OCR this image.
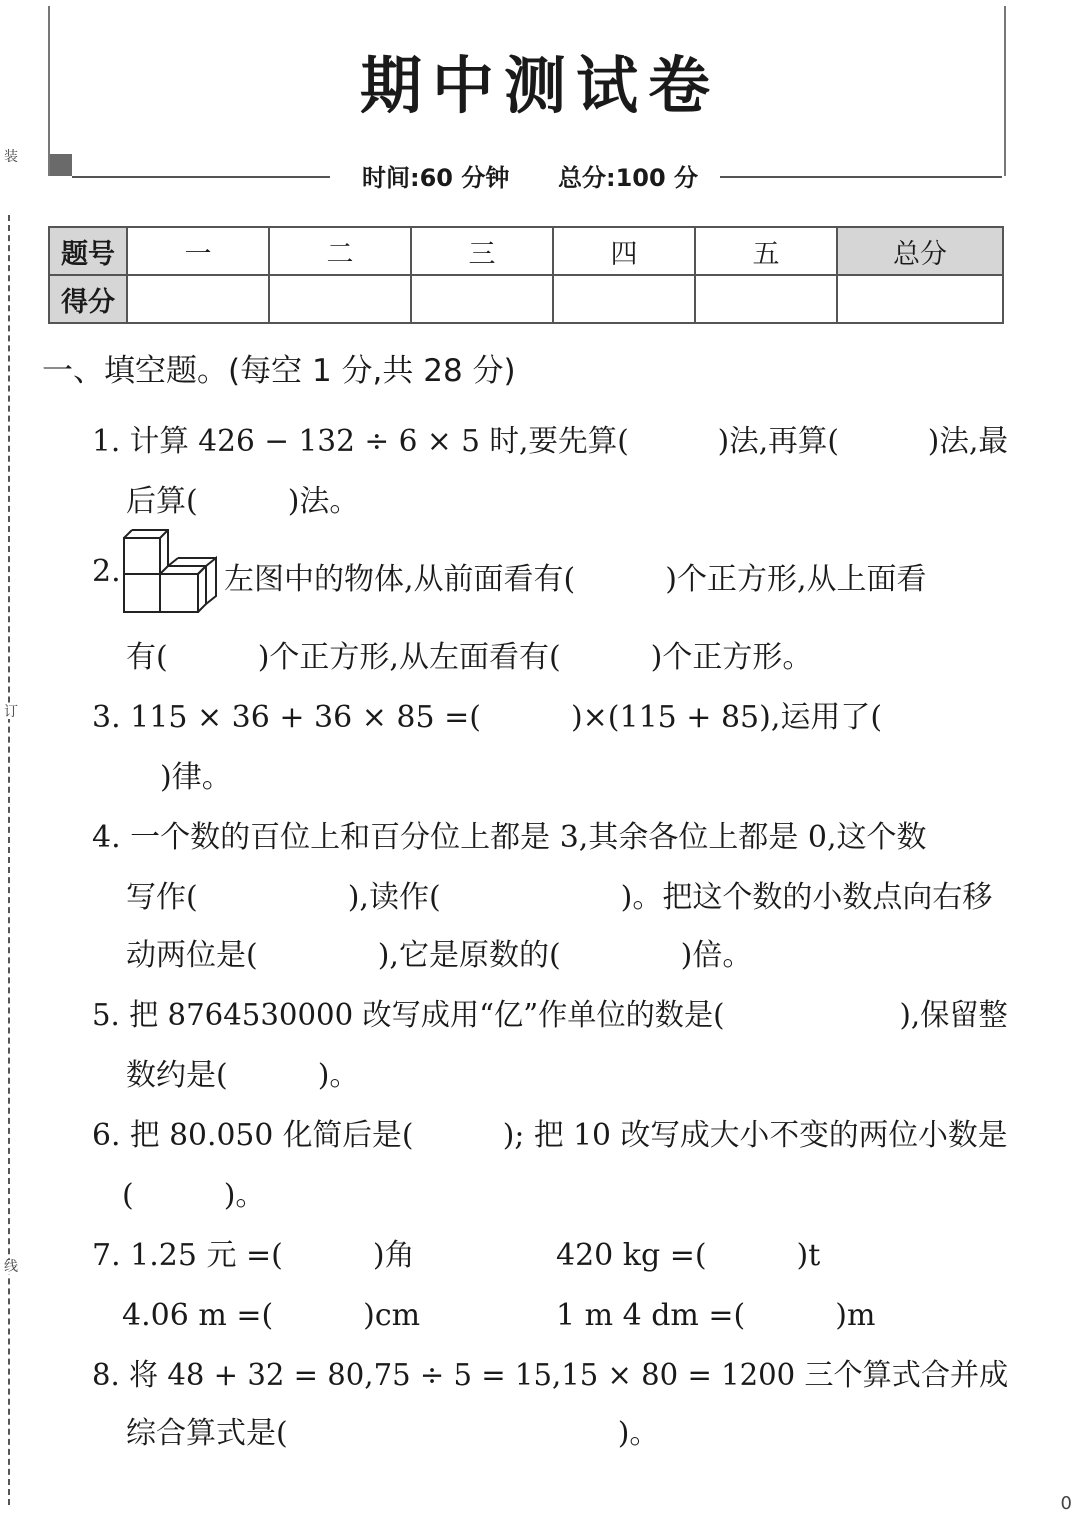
装
订
线
0
期中测试卷
时间:60 分钟 总分:100 分
题号	一	二	三	四	五	总分
得分						
一、填空题。(每空 1 分,共 28 分)
1. 计算 426 − 132 ÷ 6 × 5 时,要先算(　　　)法,再算(　　　)法,最
后算(　　　)法。
2.	左图中的物体,从前面看有(　　　)个正方形,从上面看
有(　　　)个正方形,从左面看有(　　　)个正方形。
3. 115 × 36 + 36 × 85 =(　　　)×(115 + 85),运用了(
)律。
4. 一个数的百位上和百分位上都是 3,其余各位上都是 0,这个数
写作(　　　　　),读作(　　　　　　)。把这个数的小数点向右移
动两位是(　　　　),它是原数的(　　　　)倍。
5. 把 8764530000 改写成用“亿”作单位的数是(　　　　　　),保留整
数约是(　　　)。
6. 把 80.050 化简后是(　　　); 把 10 改写成大小不变的两位小数是
(　　　)。
7. 1.25 元 =(　　　)角	420 kg =(　　　)t
4.06 m =(　　　)cm	1 m 4 dm =(　　　)m
8. 将 48 + 32 = 80,75 ÷ 5 = 15,15 × 80 = 1200 三个算式合并成
综合算式是(　　　　　　　　　　　)。
